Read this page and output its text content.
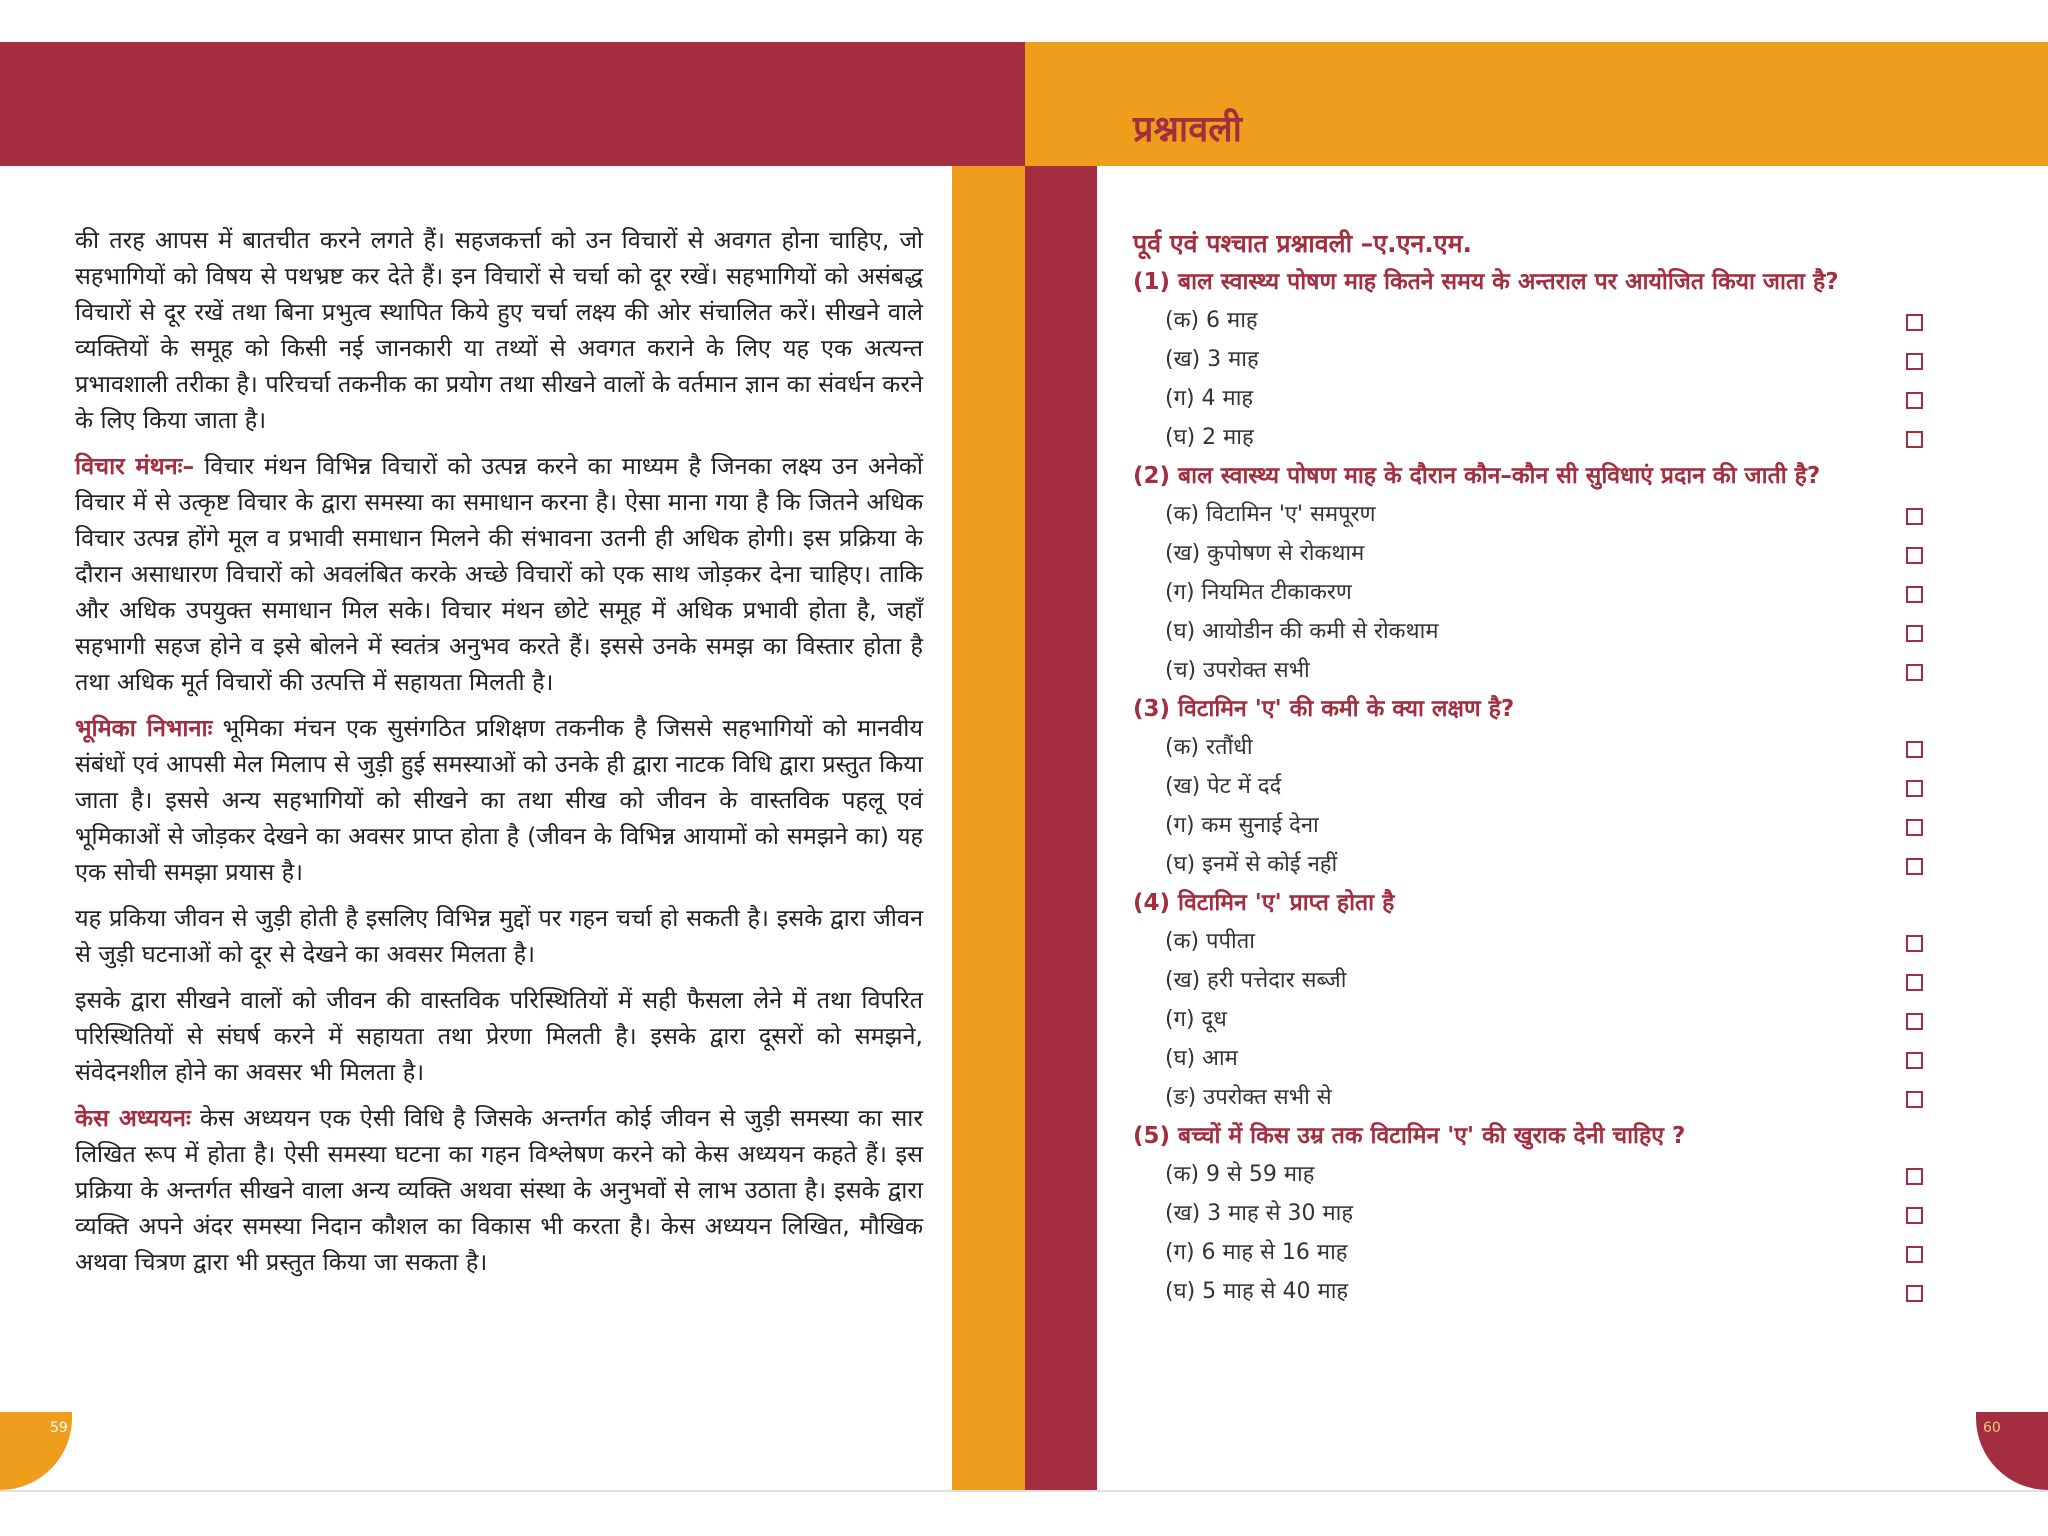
प्रश्नावली

की तरह आपस में बातचीत करने लगते हैं। सहजकर्त्ता को उन विचारों से अवगत होना चाहिए, जो सहभागियों को विषय से पथभ्रष्ट कर देते हैं। इन विचारों से चर्चा को दूर रखें। सहभागियों को असंबद्ध विचारों से दूर रखें तथा बिना प्रभुत्व स्थापित किये हुए चर्चा लक्ष्य की ओर संचालित करें। सीखने वाले व्यक्तियों के समूह को किसी नई जानकारी या तथ्यों से अवगत कराने के लिए यह एक अत्यन्त प्रभावशाली तरीका है। परिचर्चा तकनीक का प्रयोग तथा सीखने वालों के वर्तमान ज्ञान का संवर्धन करने के लिए किया जाता है।

विचार मंथनः– विचार मंथन विभिन्न विचारों को उत्पन्न करने का माध्यम है जिनका लक्ष्य उन अनेकों विचार में से उत्कृष्ट विचार के द्वारा समस्या का समाधान करना है। ऐसा माना गया है कि जितने अधिक विचार उत्पन्न होंगे मूल व प्रभावी समाधान मिलने की संभावना उतनी ही अधिक होगी। इस प्रक्रिया के दौरान असाधारण विचारों को अवलंबित करके अच्छे विचारों को एक साथ जोड़कर देना चाहिए। ताकि और अधिक उपयुक्त समाधान मिल सके। विचार मंथन छोटे समूह में अधिक प्रभावी होता है, जहाँ सहभागी सहज होने व इसे बोलने में स्वतंत्र अनुभव करते हैं। इससे उनके समझ का विस्तार होता है तथा अधिक मूर्त विचारों की उत्पत्ति में सहायता मिलती है।

भूमिका निभानाः भूमिका मंचन एक सुसंगठित प्रशिक्षण तकनीक है जिससे सहभागियों को मानवीय संबंधों एवं आपसी मेल मिलाप से जुड़ी हुई समस्याओं को उनके ही द्वारा नाटक विधि द्वारा प्रस्तुत किया जाता है। इससे अन्य सहभागियों को सीखने का तथा सीख को जीवन के वास्तविक पहलू एवं भूमिकाओं से जोड़कर देखने का अवसर प्राप्त होता है (जीवन के विभिन्न आयामों को समझने का) यह एक सोची समझा प्रयास है।

यह प्रकिया जीवन से जुड़ी होती है इसलिए विभिन्न मुद्दों पर गहन चर्चा हो सकती है। इसके द्वारा जीवन से जुड़ी घटनाओं को दूर से देखने का अवसर मिलता है।

इसके द्वारा सीखने वालों को जीवन की वास्तविक परिस्थितियों में सही फैसला लेने में तथा विपरित परिस्थितियों से संघर्ष करने में सहायता तथा प्रेरणा मिलती है। इसके द्वारा दूसरों को समझने, संवेदनशील होने का अवसर भी मिलता है।

केस अध्ययनः केस अध्ययन एक ऐसी विधि है जिसके अन्तर्गत कोई जीवन से जुड़ी समस्या का सार लिखित रूप में होता है। ऐसी समस्या घटना का गहन विश्लेषण करने को केस अध्ययन कहते हैं। इस प्रक्रिया के अन्तर्गत सीखने वाला अन्य व्यक्ति अथवा संस्था के अनुभवों से लाभ उठाता है। इसके द्वारा व्यक्ति अपने अंदर समस्या निदान कौशल का विकास भी करता है। केस अध्ययन लिखित, मौखिक अथवा चित्रण द्वारा भी प्रस्तुत किया जा सकता है।

पूर्व एवं पश्चात प्रश्नावली –ए.एन.एम.
(1) बाल स्वास्थ्य पोषण माह कितने समय के अन्तराल पर आयोजित किया जाता है?
(क) 6 माह
(ख) 3 माह
(ग) 4 माह
(घ) 2 माह
(2) बाल स्वास्थ्य पोषण माह के दौरान कौन–कौन सी सुविधाएं प्रदान की जाती है?
(क) विटामिन 'ए' समपूरण
(ख) कुपोषण से रोकथाम
(ग) नियमित टीकाकरण
(घ) आयोडीन की कमी से रोकथाम
(च) उपरोक्त सभी
(3) विटामिन 'ए' की कमी के क्या लक्षण है?
(क) रतौंधी
(ख) पेट में दर्द
(ग) कम सुनाई देना
(घ) इनमें से कोई नहीं
(4) विटामिन 'ए' प्राप्त होता है
(क) पपीता
(ख) हरी पत्तेदार सब्जी
(ग) दूध
(घ) आम
(ङ) उपरोक्त सभी से
(5) बच्चों में किस उम्र तक विटामिन 'ए' की खुराक देनी चाहिए ?
(क) 9 से 59 माह
(ख) 3 माह से 30 माह
(ग) 6 माह से 16 माह
(घ) 5 माह से 40 माह
59	60
